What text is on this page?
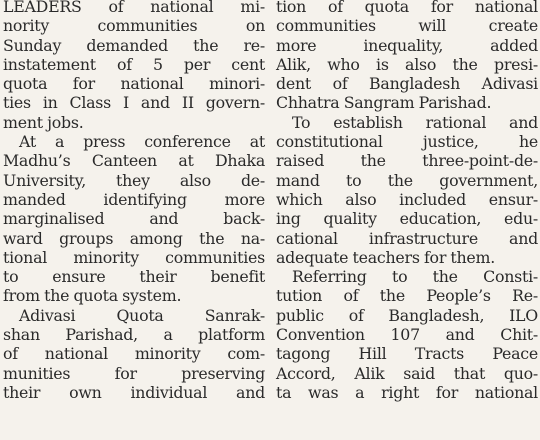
LEADERS of national mi-
nority communities on
Sunday demanded the re-
instatement of 5 per cent
quota for national minori-
ties in Class I and II govern-
ment jobs.
At a press conference at
Madhu’s Canteen at Dhaka
University, they also de-
manded identifying more
marginalised and back-
ward groups among the na-
tional minority communities
to ensure their benefit
from the quota system.
Adivasi Quota Sanrak-
shan Parishad, a platform
of national minority com-
munities for preserving
their own individual and
tion of quota for national
communities will create
more inequality, added
Alik, who is also the presi-
dent of Bangladesh Adivasi
Chhatra Sangram Parishad.
To establish rational and
constitutional justice, he
raised the three-point-de-
mand to the government,
which also included ensur-
ing quality education, edu-
cational infrastructure and
adequate teachers for them.
Referring to the Consti-
tution of the People’s Re-
public of Bangladesh, ILO
Convention 107 and Chit-
tagong Hill Tracts Peace
Accord, Alik said that quo-
ta was a right for national
